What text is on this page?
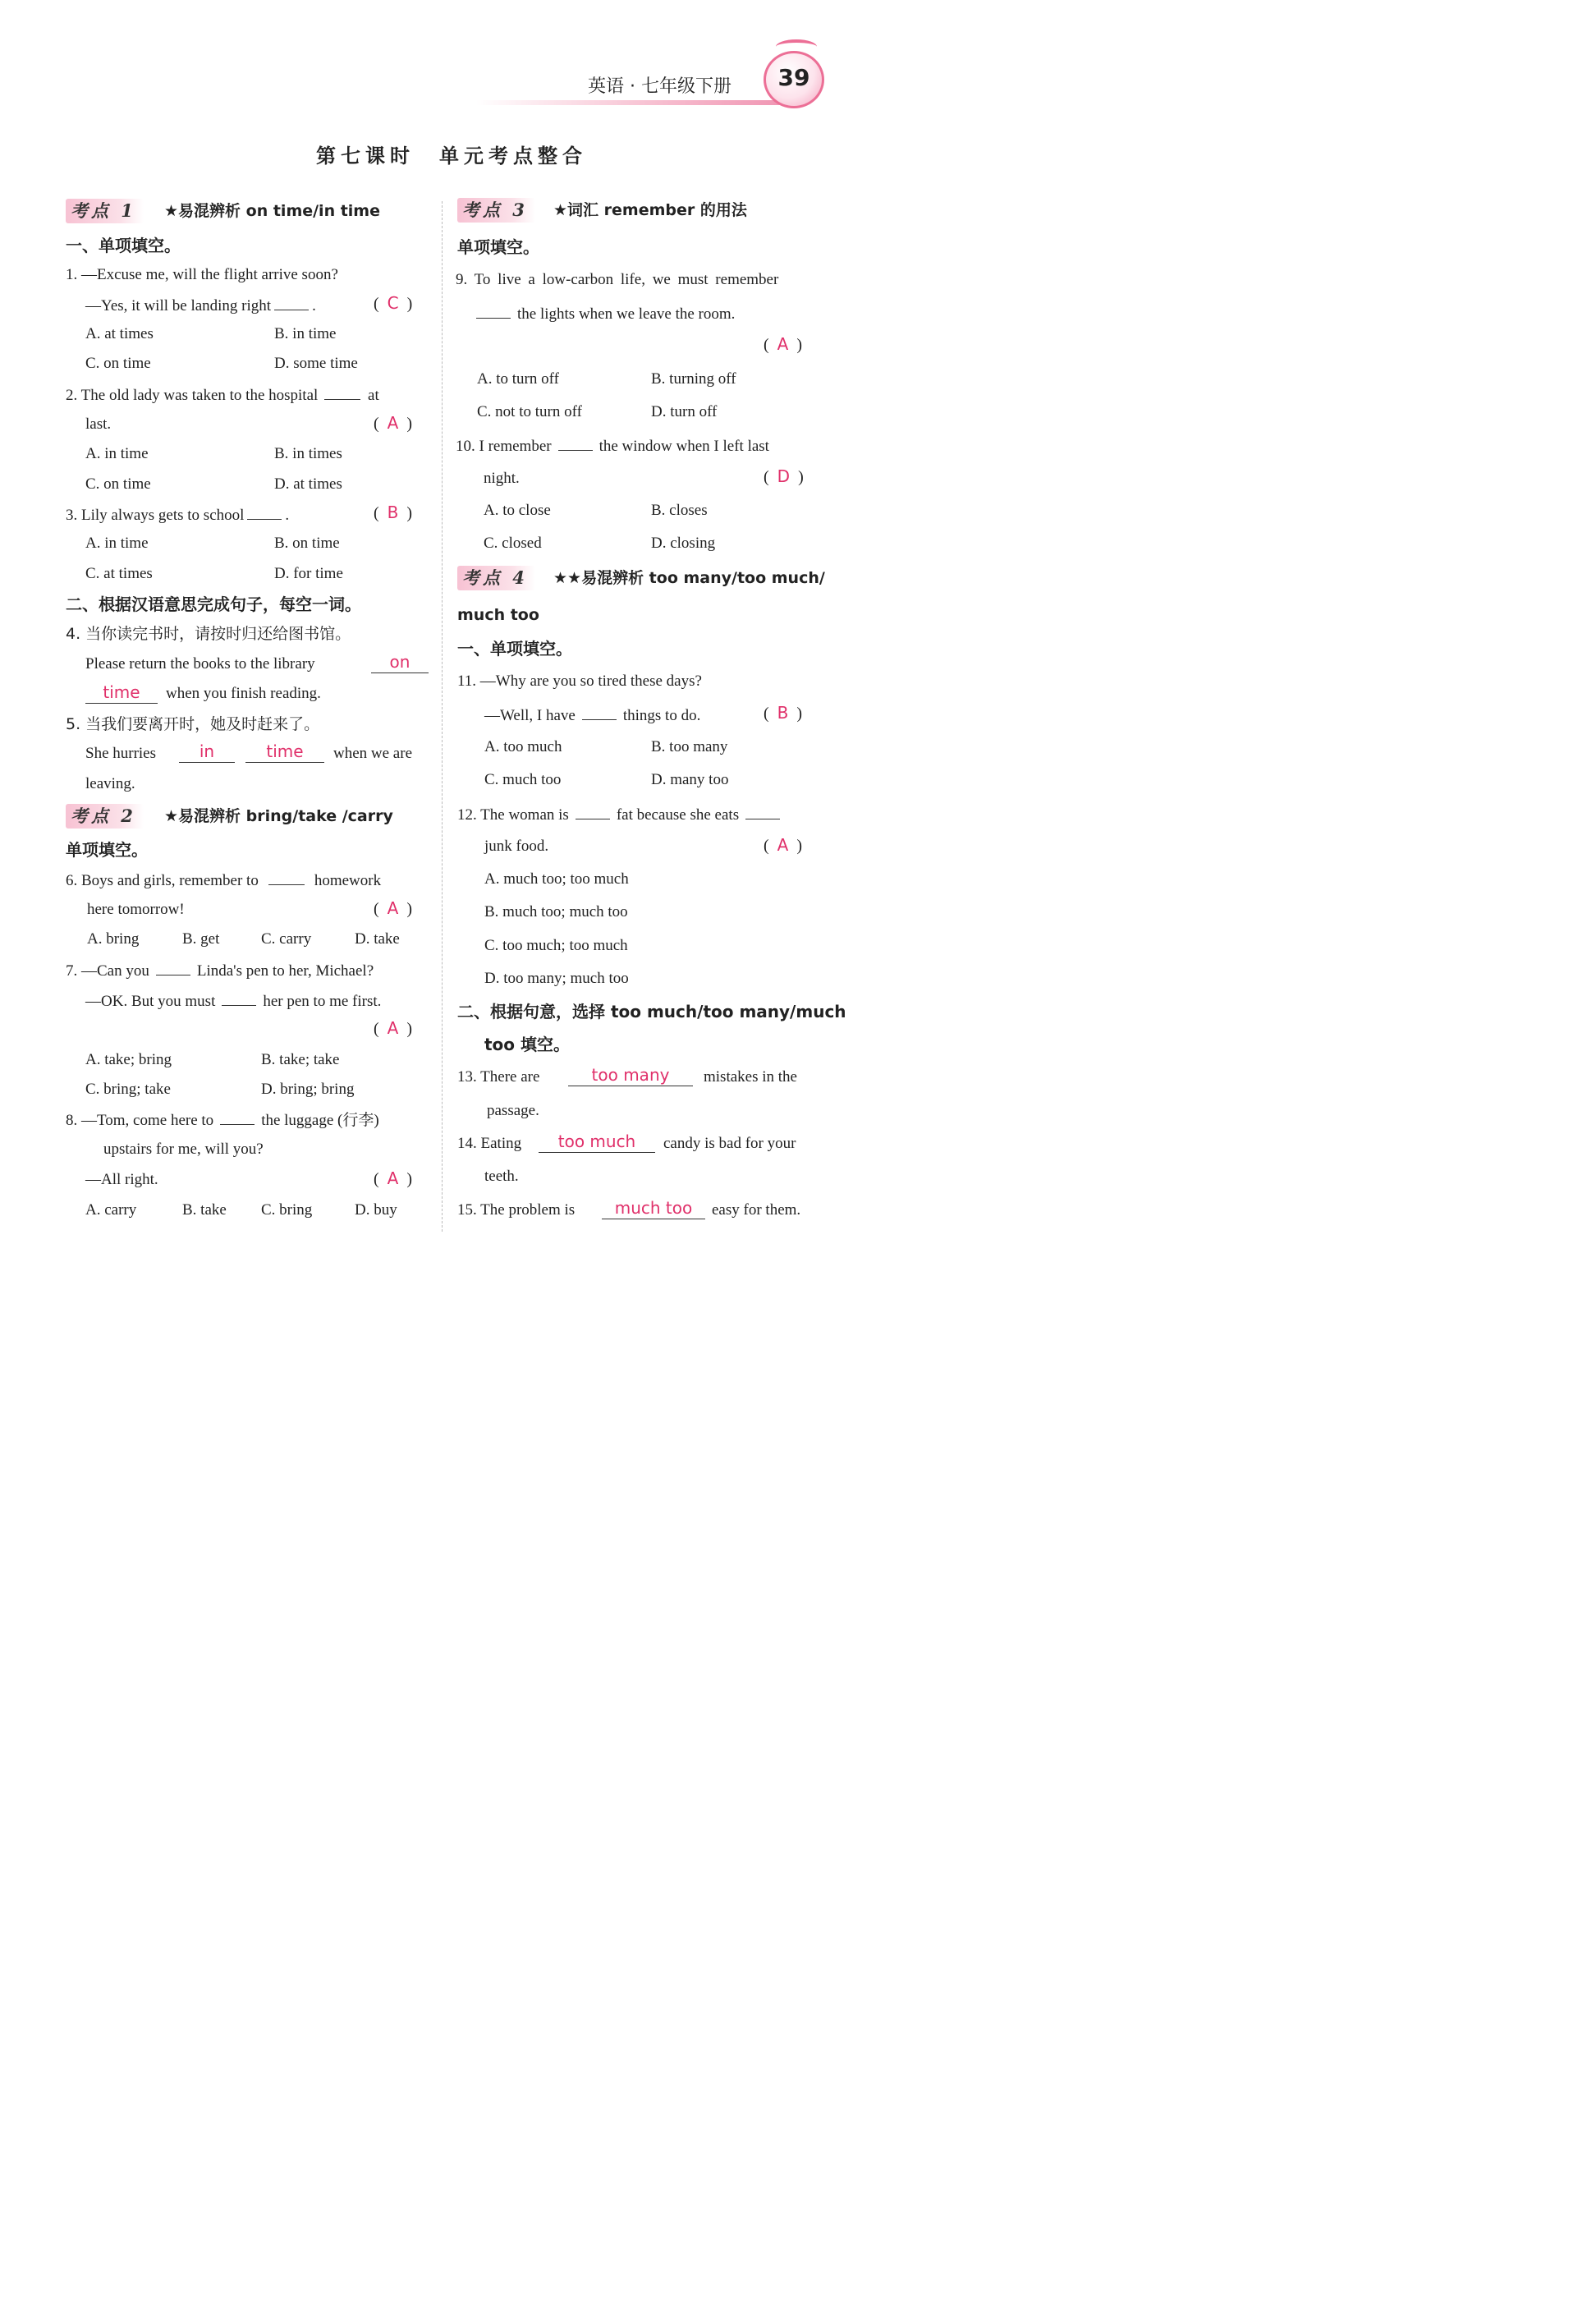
英语 · 七年级下册	39
第七课时　单元考点整合
考点 1 ★易混辨析 on time/in time
一、单项填空。
1. —Excuse me, will the flight arrive soon?
—Yes, it will be landing right	.	(  C  )
A. at times	B. in time
C. on time	D. some time
2. The old lady was taken to the hospital	at
last.	(  A  )
A. in time	B. in times
C. on time	D. at times
3. Lily always gets to school	.	(  B  )
A. in time	B. on time
C. at times	D. for time
二、根据汉语意思完成句子，每空一词。
4. 当你读完书时，请按时归还给图书馆。
Please return the books to the library	on
time	when you finish reading.
5. 当我们要离开时，她及时赶来了。
She hurries	in	time	when we are
leaving.
考点 2 ★易混辨析 bring/take /carry
单项填空。
6. Boys and girls, remember to	homework
here tomorrow!	(  A  )
A. bring	B. get	C. carry	D. take
7. —Can you	Linda's pen to her, Michael?
—OK. But you must	her pen to me first.
(  A  )
A. take; bring	B. take; take
C. bring; take	D. bring; bring
8. —Tom, come here to	the luggage (行李)
upstairs for me, will you?
—All right.	(  A  )
A. carry	B. take C. bring	D. buy
考点 3 ★词汇 remember 的用法
单项填空。
9. To live a low-carbon life, we must remember
the lights when we leave the room.
(  A  )
A. to turn off	B. turning off
C. not to turn off	D. turn off
10. I remember	the window when I left last
night.	(  D  )
A. to close	B. closes
C. closed	D. closing
考点 4 ★★易混辨析 too many/too much/
much too
一、单项填空。
11. —Why are you so tired these days?
—Well, I have	things to do.	(  B  )
A. too much	B. too many
C. much too	D. many too
12. The woman is	fat because she eats
junk food.	(  A  )
A. much too; too much
B. much too; much too
C. too much; too much
D. too many; much too
二、根据句意，选择 too much/too many/much
too 填空。
13. There are	too many	mistakes in the
passage.
14. Eating	too much	candy is bad for your
teeth.
15. The problem is	much too	easy for them.
